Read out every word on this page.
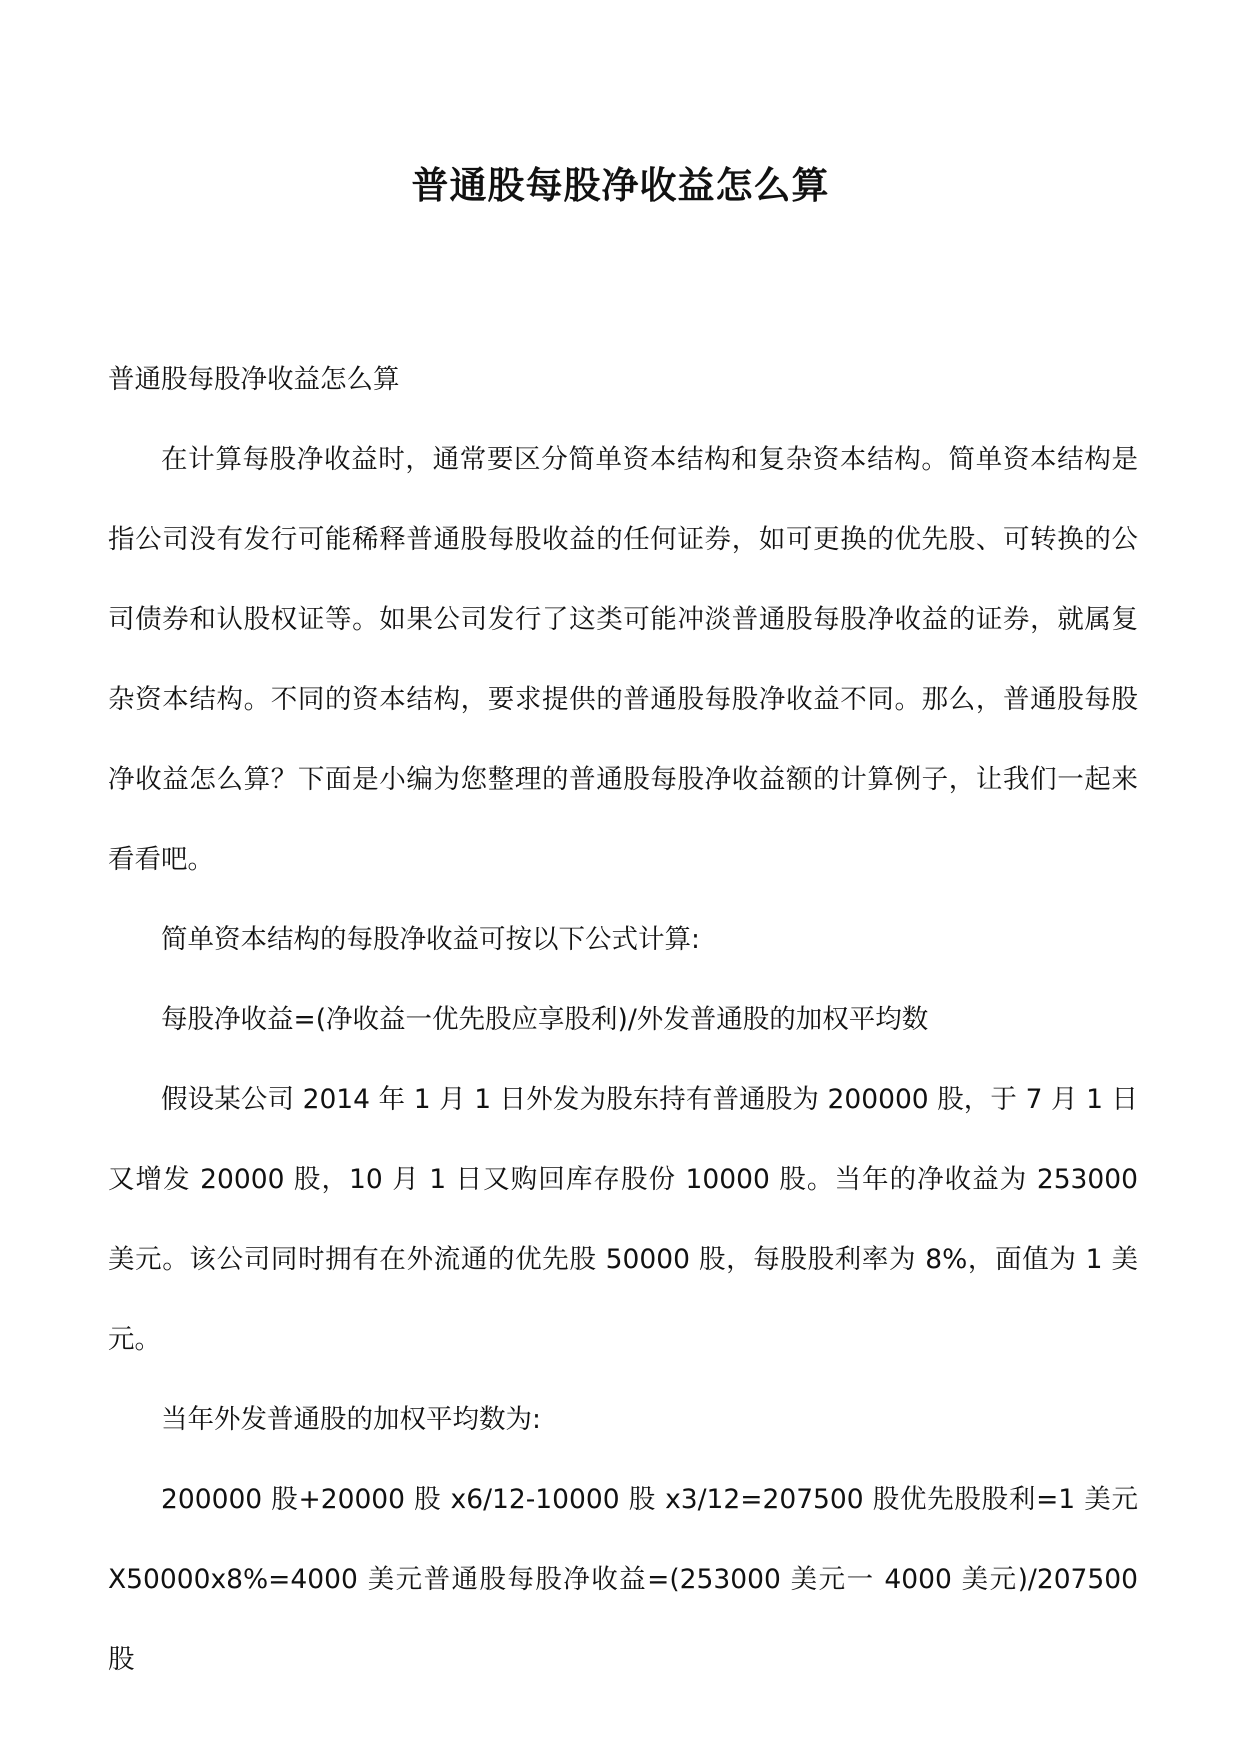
普通股每股净收益怎么算

普通股每股净收益怎么算

在计算每股净收益时，通常要区分简单资本结构和复杂资本结构。简单资本结构是指公司没有发行可能稀释普通股每股收益的任何证券，如可更换的优先股、可转换的公司债券和认股权证等。如果公司发行了这类可能冲淡普通股每股净收益的证券，就属复杂资本结构。不同的资本结构，要求提供的普通股每股净收益不同。那么，普通股每股净收益怎么算？下面是小编为您整理的普通股每股净收益额的计算例子，让我们一起来看看吧。

简单资本结构的每股净收益可按以下公式计算:

每股净收益=(净收益一优先股应享股利)/外发普通股的加权平均数

假设某公司 2014 年 1 月 1 日外发为股东持有普通股为 200000 股，于 7 月 1 日又增发 20000 股，10 月 1 日又购回库存股份 10000 股。当年的净收益为 253000 美元。该公司同时拥有在外流通的优先股 50000 股，每股股利率为 8%，面值为 1 美元。

当年外发普通股的加权平均数为:

200000 股+20000 股 x6/12-10000 股 x3/12=207500 股优先股股利=1 美元X50000x8%=4000 美元普通股每股净收益=(253000 美元一 4000 美元)/207500 股
